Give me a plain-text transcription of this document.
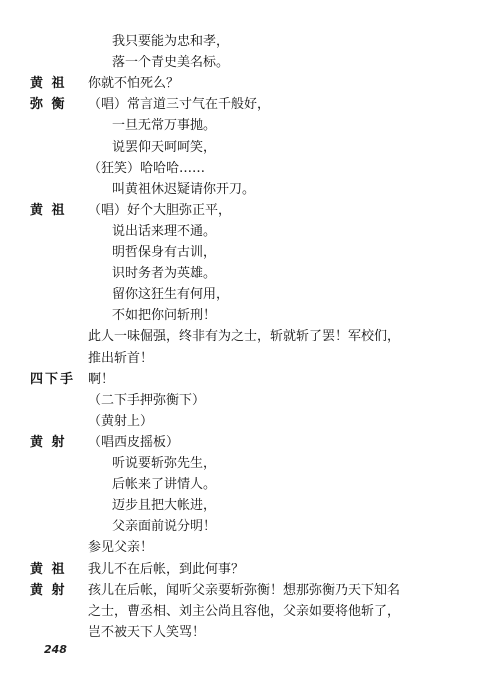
我只要能为忠和孝，
落一个青史美名标。
黄 祖	你就不怕死么？
弥 衡	（唱）常言道三寸气在千般好，
一旦无常万事抛。
说罢仰天呵呵笑，
（狂笑）哈哈哈……
叫黄祖休迟疑请你开刀。
黄 祖	（唱）好个大胆弥正平，
说出话来理不通。
明哲保身有古训，
识时务者为英雄。
留你这狂生有何用，
不如把你问斩刑！
此人一味倔强，终非有为之士，斩就斩了罢！军校们，
推出斩首！
四下手 啊！
（二下手押弥衡下）
（黄射上）
黄 射	（唱西皮摇板）
听说要斩弥先生，
后帐来了讲情人。
迈步且把大帐进，
父亲面前说分明！
参见父亲！
黄 祖	我儿不在后帐，到此何事？
黄 射	孩儿在后帐，闻听父亲要斩弥衡！想那弥衡乃天下知名
之士，曹丞相、刘主公尚且容他，父亲如要将他斩了，
岂不被天下人笑骂！
248
